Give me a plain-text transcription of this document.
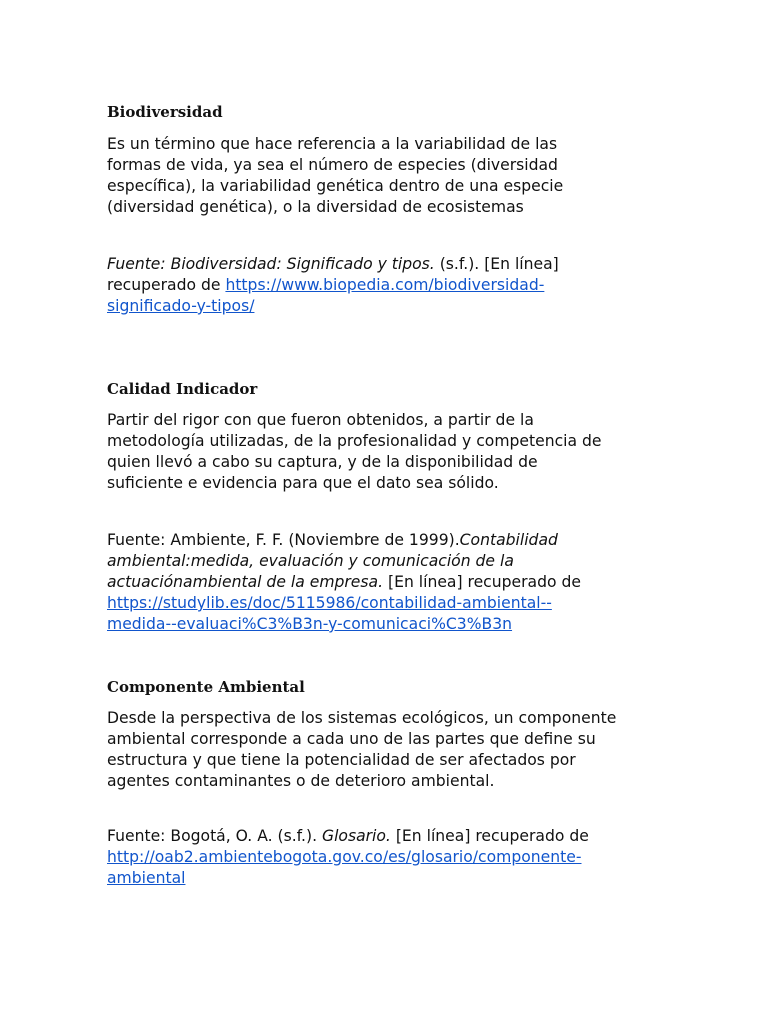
Biodiversidad

Es un término que hace referencia a la variabilidad de las
formas de vida, ya sea el número de especies (diversidad
específica), la variabilidad genética dentro de una especie
(diversidad genética), o la diversidad de ecosistemas

Fuente: Biodiversidad: Significado y tipos. (s.f.). [En línea]
recuperado de https://www.biopedia.com/biodiversidad-
significado-y-tipos/

Calidad Indicador

Partir del rigor con que fueron obtenidos, a partir de la
metodología utilizadas, de la profesionalidad y competencia de
quien llevó a cabo su captura, y de la disponibilidad de
suficiente e evidencia para que el dato sea sólido.

Fuente: Ambiente, F. F. (Noviembre de 1999).Contabilidad
ambiental:medida, evaluación y comunicación de la
actuaciónambiental de la empresa. [En línea] recuperado de
https://studylib.es/doc/5115986/contabilidad-ambiental--
medida--evaluaci%C3%B3n-y-comunicaci%C3%B3n

Componente Ambiental

Desde la perspectiva de los sistemas ecológicos, un componente
ambiental corresponde a cada uno de las partes que define su
estructura y que tiene la potencialidad de ser afectados por
agentes contaminantes o de deterioro ambiental.

Fuente: Bogotá, O. A. (s.f.). Glosario. [En línea] recuperado de
http://oab2.ambientebogota.gov.co/es/glosario/componente-
ambiental
